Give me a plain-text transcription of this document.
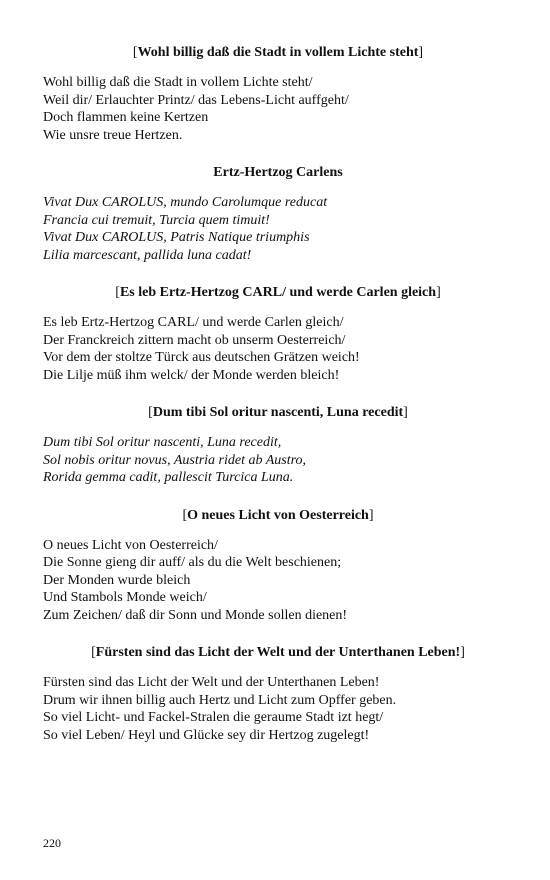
[Wohl billig daß die Stadt in vollem Lichte steht]

Wohl billig daß die Stadt in vollem Lichte steht/
Weil dir/ Erlauchter Printz/ das Lebens-Licht auffgeht/
Doch flammen keine Kertzen
Wie unsre treue Hertzen.

Ertz-Hertzog Carlens

Vivat Dux CAROLUS, mundo Carolumque reducat
Francia cui tremuit, Turcia quem timuit!
Vivat Dux CAROLUS, Patris Natique triumphis
Lilia marcescant, pallida luna cadat!

[Es leb Ertz-Hertzog CARL/ und werde Carlen gleich]

Es leb Ertz-Hertzog CARL/ und werde Carlen gleich/
Der Franckreich zittern macht ob unserm Oesterreich/
Vor dem der stoltze Türck aus deutschen Grätzen weich!
Die Lilje müß ihm welck/ der Monde werden bleich!

[Dum tibi Sol oritur nascenti, Luna recedit]

Dum tibi Sol oritur nascenti, Luna recedit,
Sol nobis oritur novus, Austria ridet ab Austro,
Rorida gemma cadit, pallescit Turcica Luna.

[O neues Licht von Oesterreich]

O neues Licht von Oesterreich/
Die Sonne gieng dir auff/ als du die Welt beschienen;
Der Monden wurde bleich
Und Stambols Monde weich/
Zum Zeichen/ daß dir Sonn und Monde sollen dienen!

[Fürsten sind das Licht der Welt und der Unterthanen Leben!]

Fürsten sind das Licht der Welt und der Unterthanen Leben!
Drum wir ihnen billig auch Hertz und Licht zum Opffer geben.
So viel Licht- und Fackel-Stralen die geraume Stadt izt hegt/
So viel Leben/ Heyl und Glücke sey dir Hertzog zugelegt!

220
